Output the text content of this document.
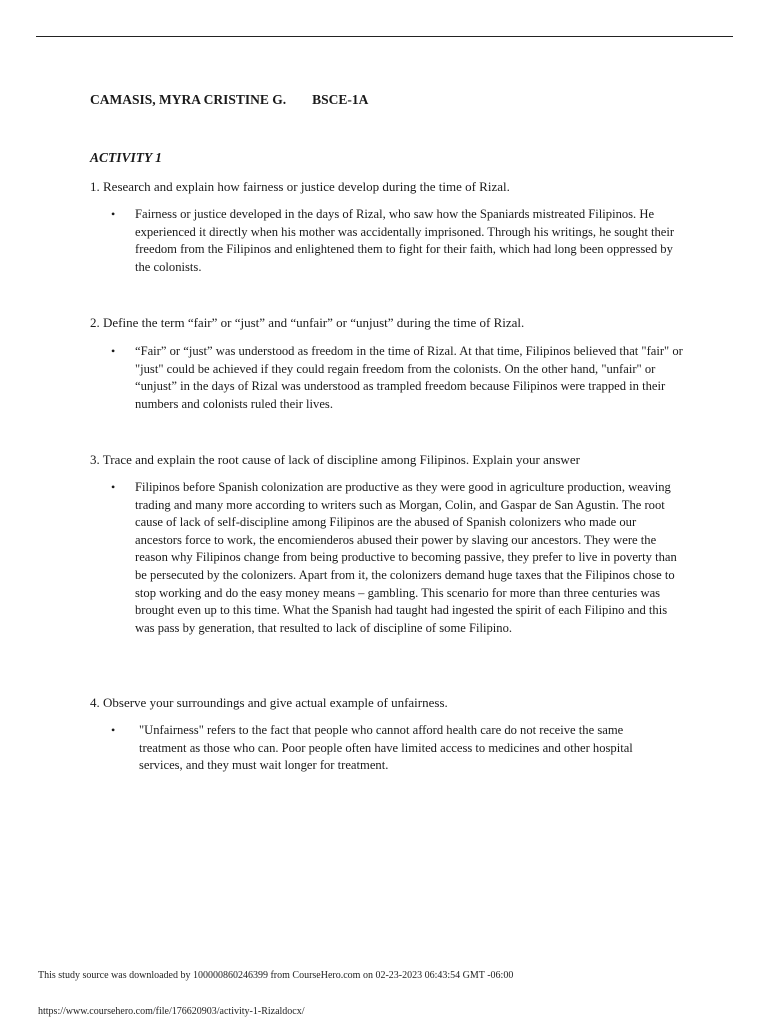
CAMASIS, MYRA CRISTINE G. BSCE-1A
ACTIVITY 1
1. Research and explain how fairness or justice develop during the time of Rizal.
•	Fairness or justice developed in the days of Rizal, who saw how the Spaniards mistreated Filipinos. He experienced it directly when his mother was accidentally imprisoned. Through his writings, he sought their freedom from the Filipinos and enlightened them to fight for their faith, which had long been oppressed by the colonists.
2. Define the term “fair” or “just” and “unfair” or “unjust” during the time of Rizal.
•	“Fair” or “just” was understood as freedom in the time of Rizal. At that time, Filipinos believed that "fair" or "just" could be achieved if they could regain freedom from the colonists. On the other hand, "unfair" or “unjust” in the days of Rizal was understood as trampled freedom because Filipinos were trapped in their numbers and colonists ruled their lives.
3. Trace and explain the root cause of lack of discipline among Filipinos. Explain your answer
•	Filipinos before Spanish colonization are productive as they were good in agriculture production, weaving trading and many more according to writers such as Morgan, Colin, and Gaspar de San Agustin. The root cause of lack of self-discipline among Filipinos are the abused of Spanish colonizers who made our ancestors force to work, the encomienderos abused their power by slaving our ancestors. They were the reason why Filipinos change from being productive to becoming passive, they prefer to live in poverty than be persecuted by the colonizers. Apart from it, the colonizers demand huge taxes that the Filipinos chose to stop working and do the easy money means – gambling. This scenario for more than three centuries was brought even up to this time. What the Spanish had taught had ingested the spirit of each Filipino and this was pass by generation, that resulted to lack of discipline of some Filipino.
4. Observe your surroundings and give actual example of unfairness.
•	"Unfairness" refers to the fact that people who cannot afford health care do not receive the same treatment as those who can. Poor people often have limited access to medicines and other hospital services, and they must wait longer for treatment.
This study source was downloaded by 100000860246399 from CourseHero.com on 02-23-2023 06:43:54 GMT -06:00
https://www.coursehero.com/file/176620903/activity-1-Rizaldocx/
